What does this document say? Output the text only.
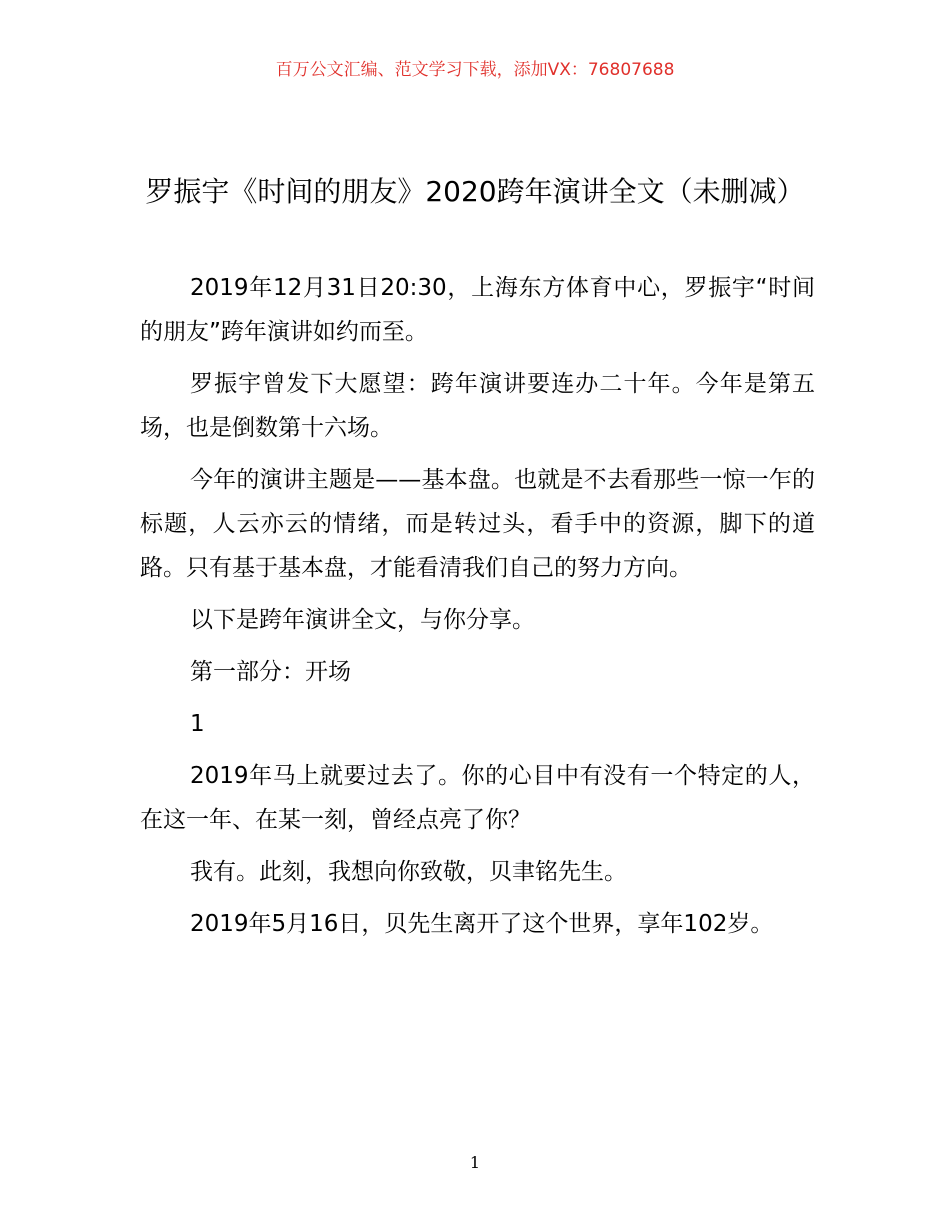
百万公文汇编、范文学习下载，添加VX：76807688
罗振宇《时间的朋友》2020跨年演讲全文（未删减）

2019年12月31日20:30，上海东方体育中心，罗振宇“时间的朋友”跨年演讲如约而至。

罗振宇曾发下大愿望：跨年演讲要连办二十年。今年是第五场，也是倒数第十六场。

今年的演讲主题是——基本盘。也就是不去看那些一惊一乍的标题，人云亦云的情绪，而是转过头，看手中的资源，脚下的道路。只有基于基本盘，才能看清我们自己的努力方向。

以下是跨年演讲全文，与你分享。

第一部分：开场

1

2019年马上就要过去了。你的心目中有没有一个特定的人，在这一年、在某一刻，曾经点亮了你？

我有。此刻，我想向你致敬，贝聿铭先生。

2019年5月16日，贝先生离开了这个世界，享年102岁。

1
